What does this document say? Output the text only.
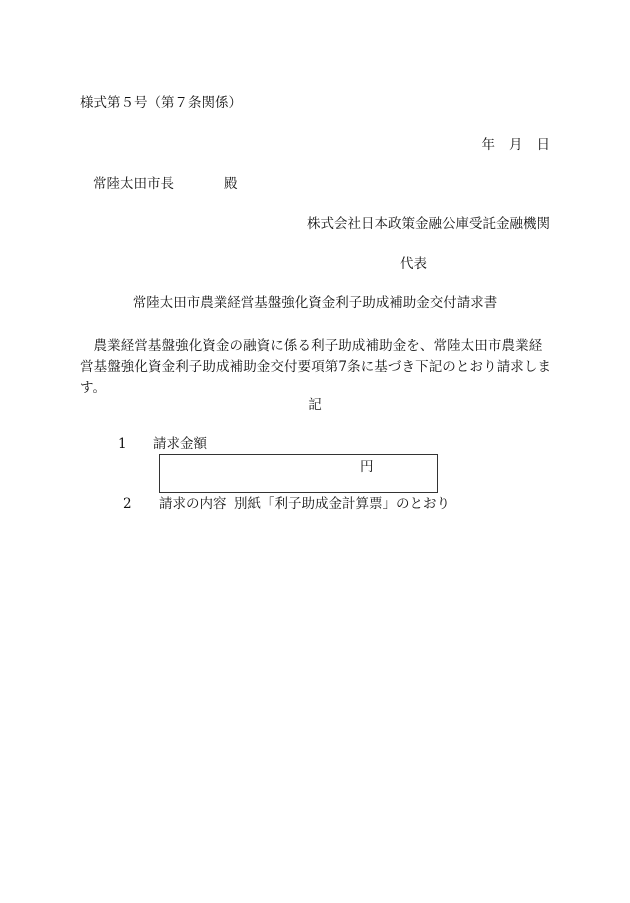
様式第５号（第７条関係）
年 月 日
常陸太田市長	殿
株式会社日本政策金融公庫受託金融機関
代表
常陸太田市農業経営基盤強化資金利子助成補助金交付請求書
農業経営基盤強化資金の融資に係る利子助成補助金を、常陸太田市農業経営基盤強化資金利子助成補助金交付要項第7条に基づき下記のとおり請求します。
記
1 請求金額
円
2 請求の内容 別紙「利子助成金計算票」のとおり
